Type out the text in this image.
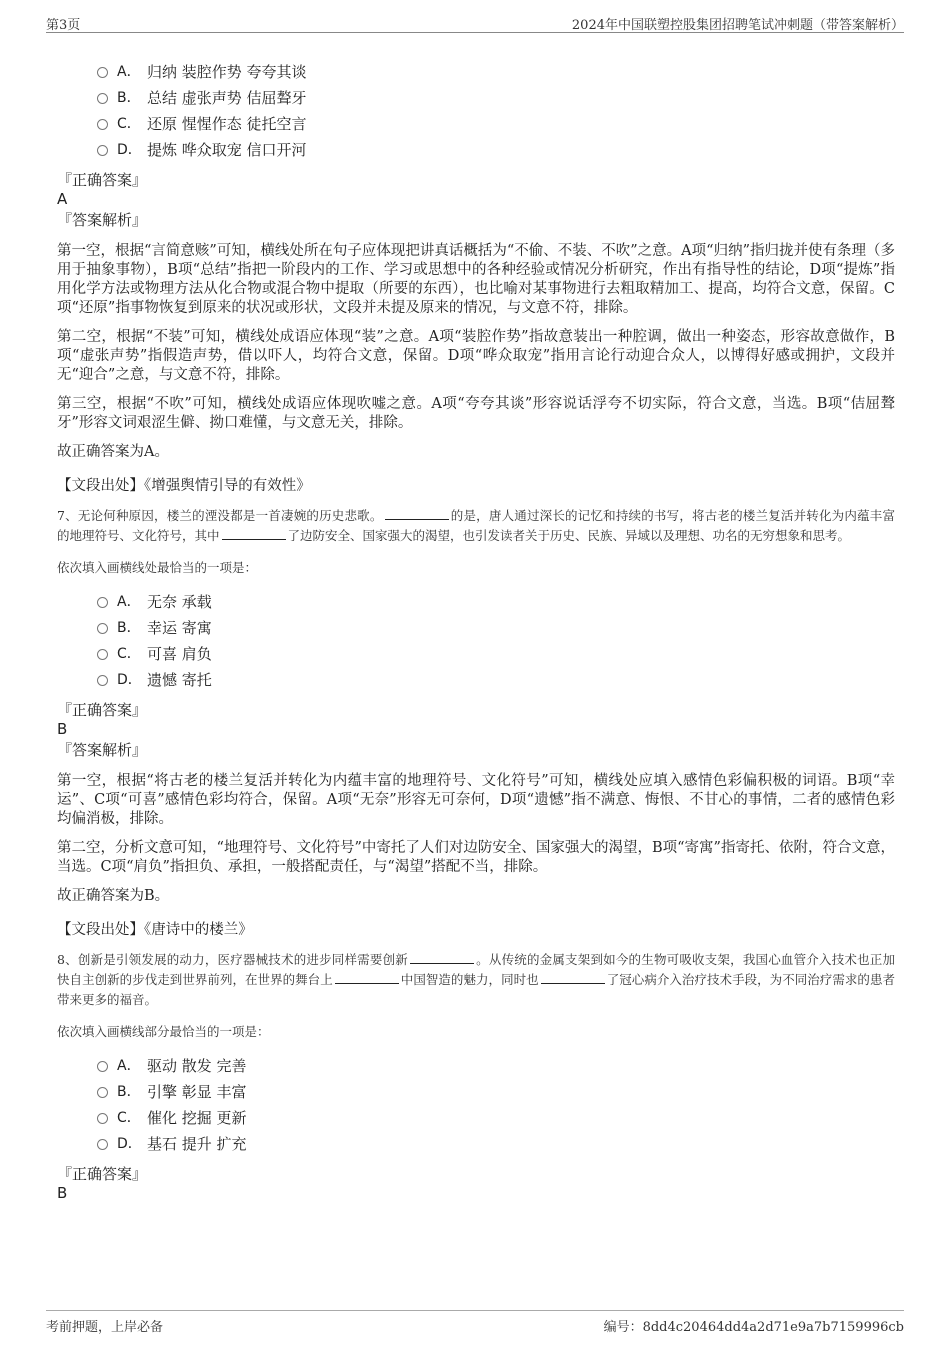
第3页	2024年中国联塑控股集团招聘笔试冲刺题（带答案解析）
A． 归纳 装腔作势 夸夸其谈
B． 总结 虚张声势 佶屈聱牙
C． 还原 惺惺作态 徒托空言
D． 提炼 哗众取宠 信口开河
『正确答案』
A
『答案解析』

第一空，根据“言简意赅”可知，横线处所在句子应体现把讲真话概括为“不偷、不装、不吹”之意。A项“归纳”指归拢并使有条理（多用于抽象事物），B项“总结”指把一阶段内的工作、学习或思想中的各种经验或情况分析研究，作出有指导性的结论，D项“提炼”指用化学方法或物理方法从化合物或混合物中提取（所要的东西），也比喻对某事物进行去粗取精加工、提高，均符合文意，保留。C项“还原”指事物恢复到原来的状况或形状，文段并未提及原来的情况，与文意不符，排除。

第二空，根据“不装”可知，横线处成语应体现“装”之意。A项“装腔作势”指故意装出一种腔调，做出一种姿态，形容故意做作，B项“虚张声势”指假造声势，借以吓人，均符合文意，保留。D项“哗众取宠”指用言论行动迎合众人，以博得好感或拥护，文段并无“迎合”之意，与文意不符，排除。

第三空，根据“不吹”可知，横线处成语应体现吹嘘之意。A项“夸夸其谈”形容说话浮夸不切实际，符合文意，当选。B项“佶屈聱牙”形容文词艰涩生僻、拗口难懂，与文意无关，排除。

故正确答案为A。

【文段出处】《增强舆情引导的有效性》

7、无论何种原因，楼兰的湮没都是一首凄婉的历史悲歌。	的是，唐人通过深长的记忆和持续的书写，将古老的楼兰复活并转化为内蕴丰富的地理符号、文化符号，其中	了边防安全、国家强大的渴望，也引发读者关于历史、民族、异域以及理想、功名的无穷想象和思考。

依次填入画横线处最恰当的一项是：

A． 无奈 承载
B． 幸运 寄寓
C． 可喜 肩负
D． 遗憾 寄托
『正确答案』
B
『答案解析』

第一空，根据“将古老的楼兰复活并转化为内蕴丰富的地理符号、文化符号”可知，横线处应填入感情色彩偏积极的词语。B项“幸运”、C项“可喜”感情色彩均符合，保留。A项“无奈”形容无可奈何，D项“遗憾”指不满意、悔恨、不甘心的事情，二者的感情色彩均偏消极，排除。

第二空，分析文意可知，“地理符号、文化符号”中寄托了人们对边防安全、国家强大的渴望，B项“寄寓”指寄托、依附，符合文意，当选。C项“肩负”指担负、承担，一般搭配责任，与“渴望”搭配不当，排除。

故正确答案为B。

【文段出处】《唐诗中的楼兰》

8、创新是引领发展的动力，医疗器械技术的进步同样需要创新	。从传统的金属支架到如今的生物可吸收支架，我国心血管介入技术也正加快自主创新的步伐走到世界前列，在世界的舞台上	中国智造的魅力，同时也	了冠心病介入治疗技术手段，为不同治疗需求的患者带来更多的福音。

依次填入画横线部分最恰当的一项是：

A． 驱动 散发 完善
B． 引擎 彰显 丰富
C． 催化 挖掘 更新
D． 基石 提升 扩充
『正确答案』
B
考前押题，上岸必备	编号：8dd4c20464dd4a2d71e9a7b7159996cb
